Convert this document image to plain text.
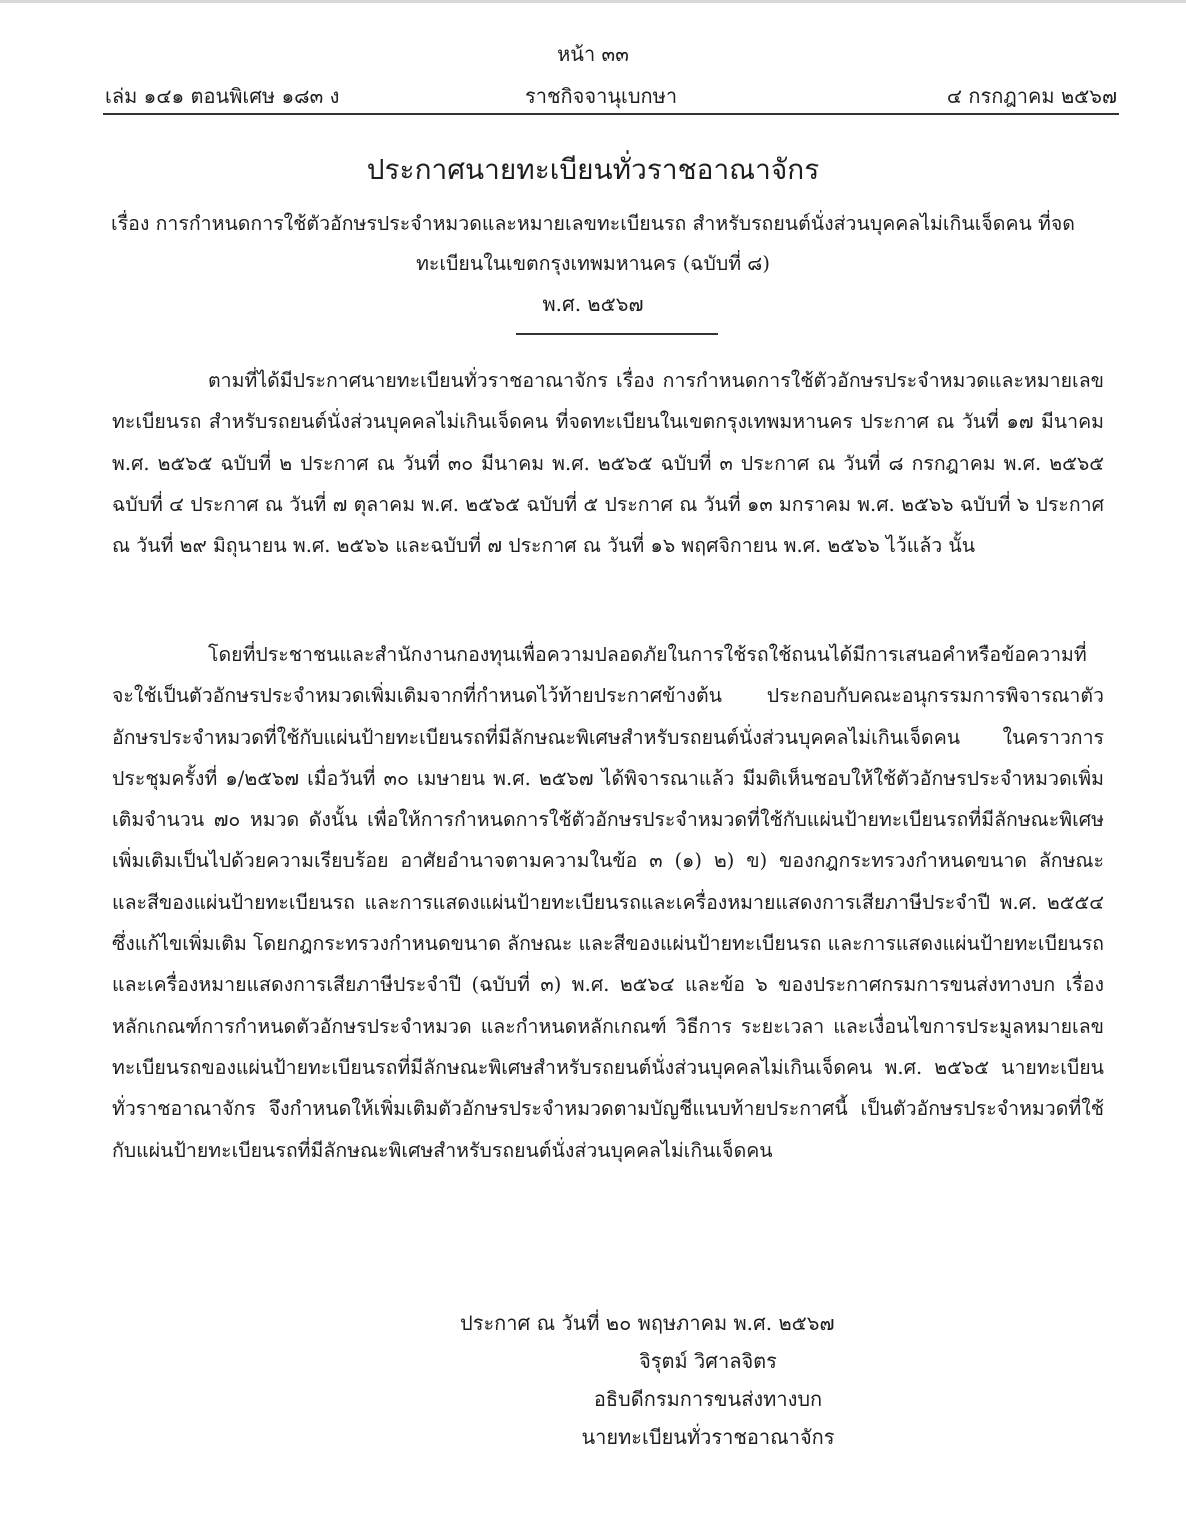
หน้า ๓๓
เล่ม ๑๔๑ ตอนพิเศษ ๑๘๓ ง	ราชกิจจานุเบกษา	๔ กรกฎาคม ๒๕๖๗
ประกาศนายทะเบียนทั่วราชอาณาจักร
เรื่อง การกำหนดการใช้ตัวอักษรประจำหมวดและหมายเลขทะเบียนรถ สำหรับรถยนต์นั่งส่วนบุคคลไม่เกินเจ็ดคน ที่จดทะเบียนในเขตกรุงเทพมหานคร (ฉบับที่ ๘)
พ.ศ. ๒๕๖๗

ตามที่ได้มีประกาศนายทะเบียนทั่วราชอาณาจักร เรื่อง การกำหนดการใช้ตัวอักษรประจำหมวดและหมายเลขทะเบียนรถ สำหรับรถยนต์นั่งส่วนบุคคลไม่เกินเจ็ดคน ที่จดทะเบียนในเขตกรุงเทพมหานคร ประกาศ ณ วันที่ ๑๗ มีนาคม พ.ศ. ๒๕๖๕ ฉบับที่ ๒ ประกาศ ณ วันที่ ๓๐ มีนาคม พ.ศ. ๒๕๖๕ ฉบับที่ ๓ ประกาศ ณ วันที่ ๘ กรกฎาคม พ.ศ. ๒๕๖๕ ฉบับที่ ๔ ประกาศ ณ วันที่ ๗ ตุลาคม พ.ศ. ๒๕๖๕ ฉบับที่ ๕ ประกาศ ณ วันที่ ๑๓ มกราคม พ.ศ. ๒๕๖๖ ฉบับที่ ๖ ประกาศ ณ วันที่ ๒๙ มิถุนายน พ.ศ. ๒๕๖๖ และฉบับที่ ๗ ประกาศ ณ วันที่ ๑๖ พฤศจิกายน พ.ศ. ๒๕๖๖ ไว้แล้ว นั้น

โดยที่ประชาชนและสำนักงานกองทุนเพื่อความปลอดภัยในการใช้รถใช้ถนนได้มีการเสนอคำหรือข้อความที่จะใช้เป็นตัวอักษรประจำหมวดเพิ่มเติมจากที่กำหนดไว้ท้ายประกาศข้างต้น ประกอบกับคณะอนุกรรมการพิจารณาตัวอักษรประจำหมวดที่ใช้กับแผ่นป้ายทะเบียนรถที่มีลักษณะพิเศษสำหรับรถยนต์นั่งส่วนบุคคลไม่เกินเจ็ดคน ในคราวการประชุมครั้งที่ ๑/๒๕๖๗ เมื่อวันที่ ๓๐ เมษายน พ.ศ. ๒๕๖๗ ได้พิจารณาแล้ว มีมติเห็นชอบให้ใช้ตัวอักษรประจำหมวดเพิ่มเติมจำนวน ๗๐ หมวด ดังนั้น เพื่อให้การกำหนดการใช้ตัวอักษรประจำหมวดที่ใช้กับแผ่นป้ายทะเบียนรถที่มีลักษณะพิเศษเพิ่มเติมเป็นไปด้วยความเรียบร้อย อาศัยอำนาจตามความในข้อ ๓ (๑) ๒) ข) ของกฎกระทรวงกำหนดขนาด ลักษณะ และสีของแผ่นป้ายทะเบียนรถ และการแสดงแผ่นป้ายทะเบียนรถและเครื่องหมายแสดงการเสียภาษีประจำปี พ.ศ. ๒๕๕๔ ซึ่งแก้ไขเพิ่มเติม โดยกฎกระทรวงกำหนดขนาด ลักษณะ และสีของแผ่นป้ายทะเบียนรถ และการแสดงแผ่นป้ายทะเบียนรถและเครื่องหมายแสดงการเสียภาษีประจำปี (ฉบับที่ ๓) พ.ศ. ๒๕๖๔ และข้อ ๖ ของประกาศกรมการขนส่งทางบก เรื่อง หลักเกณฑ์การกำหนดตัวอักษรประจำหมวด และกำหนดหลักเกณฑ์ วิธีการ ระยะเวลา และเงื่อนไขการประมูลหมายเลขทะเบียนรถของแผ่นป้ายทะเบียนรถที่มีลักษณะพิเศษสำหรับรถยนต์นั่งส่วนบุคคลไม่เกินเจ็ดคน พ.ศ. ๒๕๖๕ นายทะเบียนทั่วราชอาณาจักร จึงกำหนดให้เพิ่มเติมตัวอักษรประจำหมวดตามบัญชีแนบท้ายประกาศนี้ เป็นตัวอักษรประจำหมวดที่ใช้กับแผ่นป้ายทะเบียนรถที่มีลักษณะพิเศษสำหรับรถยนต์นั่งส่วนบุคคลไม่เกินเจ็ดคน

ประกาศ ณ วันที่ ๒๐ พฤษภาคม พ.ศ. ๒๕๖๗
จิรุตม์ วิศาลจิตร
อธิบดีกรมการขนส่งทางบก
นายทะเบียนทั่วราชอาณาจักร
